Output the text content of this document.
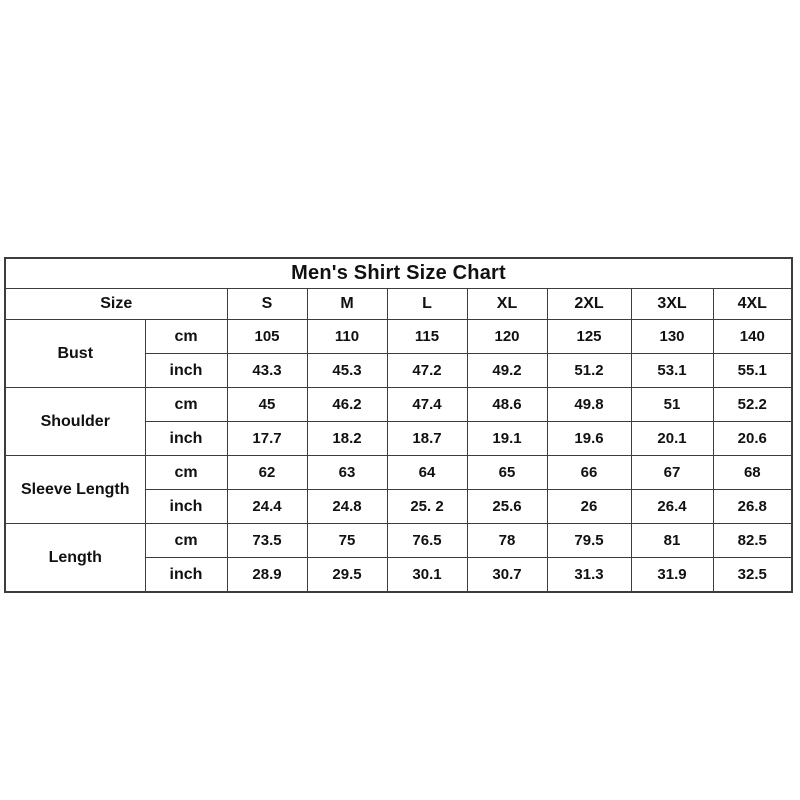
Men's Shirt Size Chart								
Size		S	M	L	XL	2XL	3XL	4XL
Bust	cm	105	110	115	120	125	130	140
	inch	43.3	45.3	47.2	49.2	51.2	53.1	55.1
Shoulder	cm	45	46.2	47.4	48.6	49.8	51	52.2
	inch	17.7	18.2	18.7	19.1	19.6	20.1	20.6
Sleeve Length	cm	62	63	64	65	66	67	68
	inch	24.4	24.8	25. 2	25.6	26	26.4	26.8
Length	cm	73.5	75	76.5	78	79.5	81	82.5
	inch	28.9	29.5	30.1	30.7	31.3	31.9	32.5
